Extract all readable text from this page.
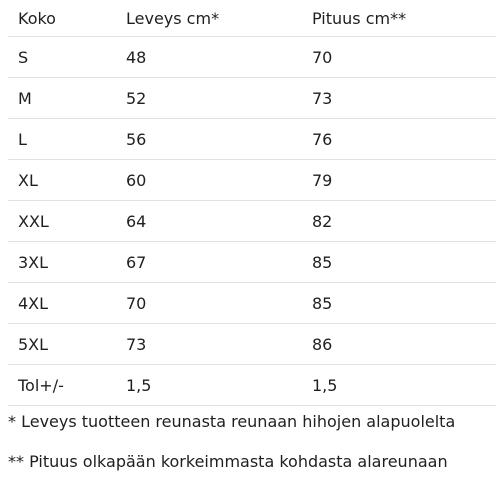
Koko	Leveys cm*	Pituus cm**
S	48	70
M	52	73
L	56	76
XL	60	79
XXL	64	82
3XL	67	85
4XL	70	85
5XL	73	86
Tol+/-	1,5	1,5

* Leveys tuotteen reunasta reunaan hihojen alapuolelta

** Pituus olkapään korkeimmasta kohdasta alareunaan
